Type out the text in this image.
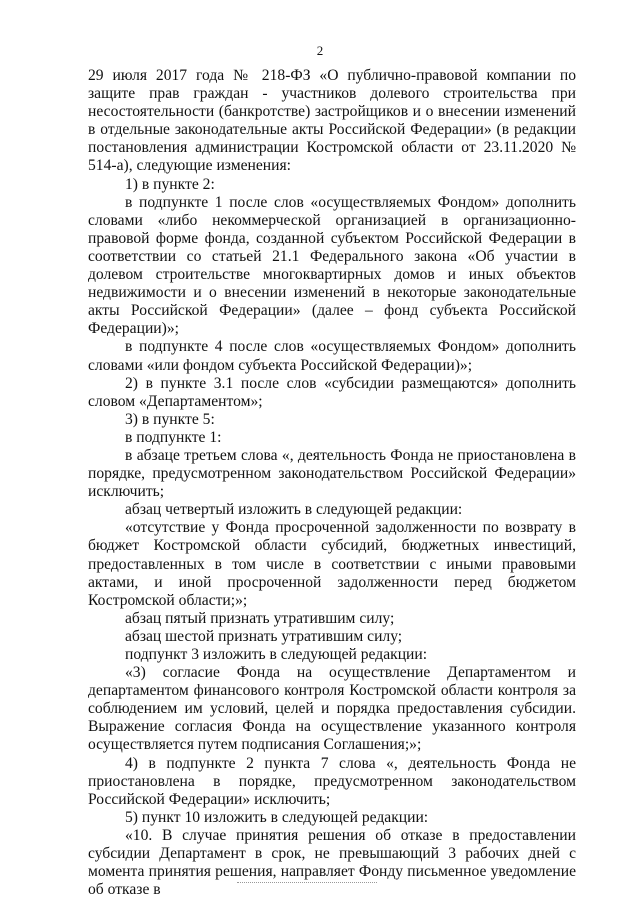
2

29 июля 2017 года № 218-ФЗ «О публично-правовой компании по защите прав граждан - участников долевого строительства при несостоятельности (банкротстве) застройщиков и о внесении изменений в отдельные законодательные акты Российской Федерации» (в редакции постановления администрации Костромской области от 23.11.2020 № 514-а), следующие изменения:

1) в пункте 2:

в подпункте 1 после слов «осуществляемых Фондом» дополнить словами «либо некоммерческой организацией в организационно-правовой форме фонда, созданной субъектом Российской Федерации в соответствии со статьей 21.1 Федерального закона «Об участии в долевом строительстве многоквартирных домов и иных объектов недвижимости и о внесении изменений в некоторые законодательные акты Российской Федерации» (далее – фонд субъекта Российской Федерации)»;

в подпункте 4 после слов «осуществляемых Фондом» дополнить словами «или фондом субъекта Российской Федерации)»;

2) в пункте 3.1 после слов «субсидии размещаются» дополнить словом «Департаментом»;

3) в пункте 5:

в подпункте 1:

в абзаце третьем слова «, деятельность Фонда не приостановлена в порядке, предусмотренном законодательством Российской Федерации» исключить;

абзац четвертый изложить в следующей редакции:

«отсутствие у Фонда просроченной задолженности по возврату в бюджет Костромской области субсидий, бюджетных инвестиций, предоставленных в том числе в соответствии с иными правовыми актами, и иной просроченной задолженности перед бюджетом Костромской области;»;

абзац пятый признать утратившим силу;

абзац шестой признать утратившим силу;

подпункт 3 изложить в следующей редакции:

«3) согласие Фонда на осуществление Департаментом и департаментом финансового контроля Костромской области контроля за соблюдением им условий, целей и порядка предоставления субсидии. Выражение согласия Фонда на осуществление указанного контроля осуществляется путем подписания Соглашения;»;

4) в подпункте 2 пункта 7 слова «, деятельность Фонда не приостановлена в порядке, предусмотренном законодательством Российской Федерации» исключить;

5) пункт 10 изложить в следующей редакции:

«10. В случае принятия решения об отказе в предоставлении субсидии Департамент в срок, не превышающий 3 рабочих дней с момента принятия решения, направляет Фонду письменное уведомление об отказе в
